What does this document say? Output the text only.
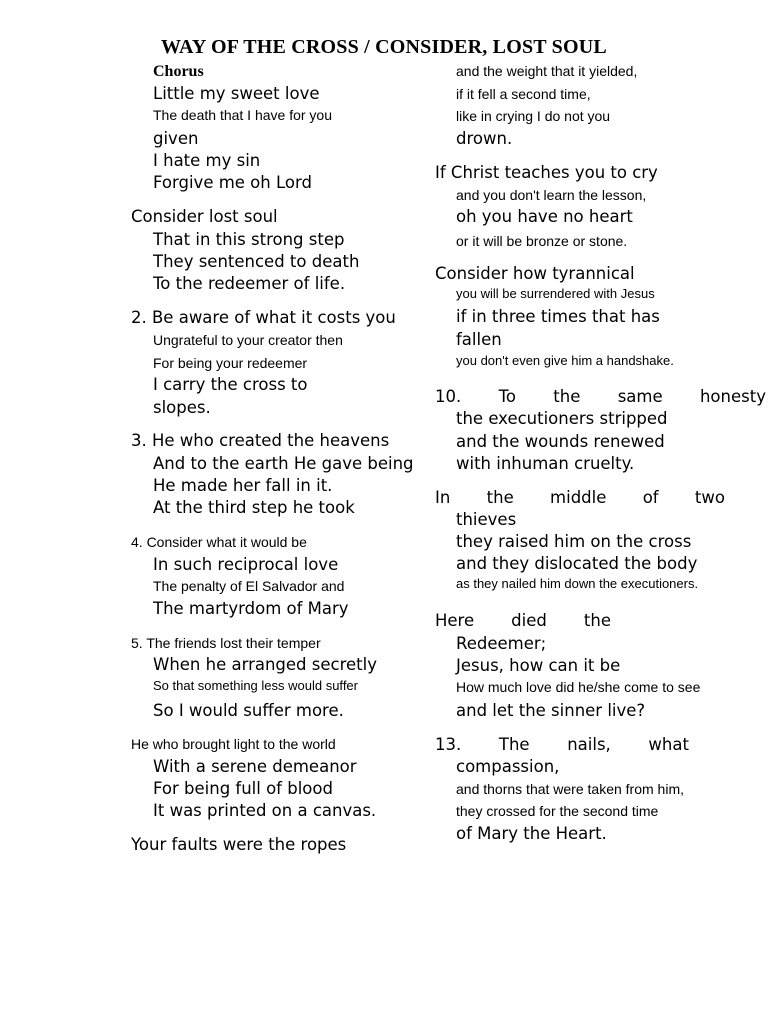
WAY OF THE CROSS / CONSIDER, LOST SOUL
Chorus
Little my sweet love
The death that I have for you
given
I hate my sin
Forgive me oh Lord
Consider lost soul
That in this strong step
They sentenced to death
To the redeemer of life.
2. Be aware of what it costs you
Ungrateful to your creator then
For being your redeemer
I carry the cross to
slopes.
3. He who created the heavens
And to the earth He gave being
He made her fall in it.
At the third step he took
4. Consider what it would be
In such reciprocal love
The penalty of El Salvador and
The martyrdom of Mary
5. The friends lost their temper
When he arranged secretly
So that something less would suffer
So I would suffer more.
He who brought light to the world
With a serene demeanor
For being full of blood
It was printed on a canvas.
Your faults were the ropes
and the weight that it yielded,
if it fell a second time,
like in crying I do not you
drown.
If Christ teaches you to cry
and you don't learn the lesson,
oh you have no heart
or it will be bronze or stone.
Consider how tyrannical
you will be surrendered with Jesus
if in three times that has
fallen
you don't even give him a handshake.
10. To the same honesty
the executioners stripped
and the wounds renewed
with inhuman cruelty.
In the middle of two
thieves
they raised him on the cross
and they dislocated the body
as they nailed him down the executioners.
Here died the
Redeemer;
Jesus, how can it be
How much love did he/she come to see
and let the sinner live?
13. The nails, what
compassion,
and thorns that were taken from him,
they crossed for the second time
of Mary the Heart.
